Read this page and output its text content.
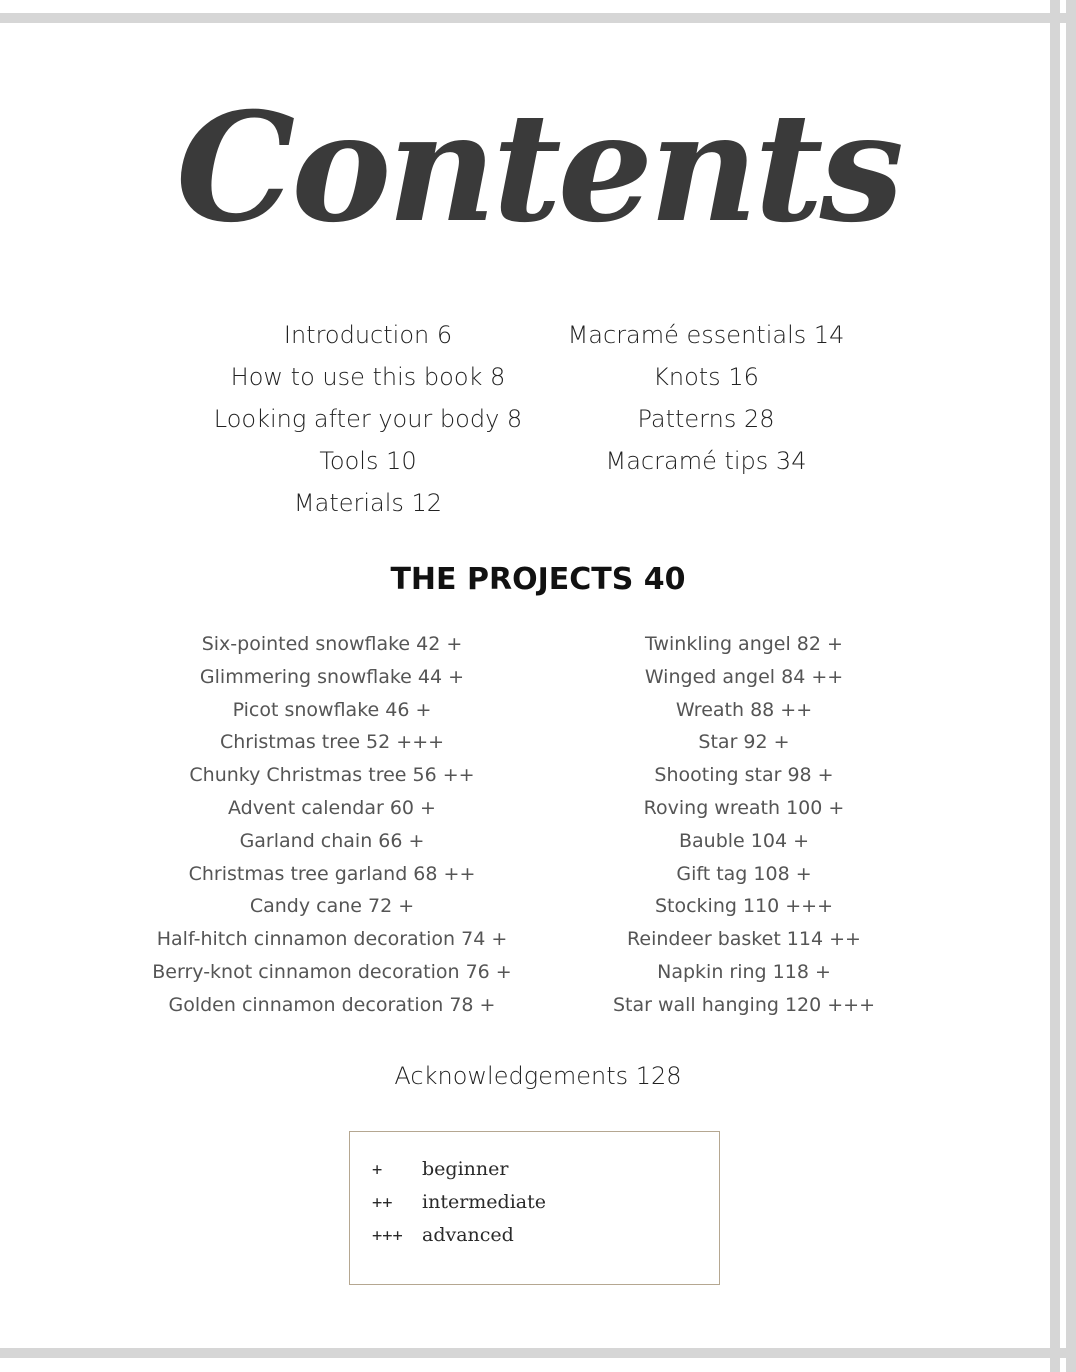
Contents
Introduction 6
How to use this book 8
Looking after your body 8
Tools 10
Materials 12
Macramé essentials 14
Knots 16
Patterns 28
Macramé tips 34
THE PROJECTS 40
Six-pointed snowflake 42 +
Glimmering snowflake 44 +
Picot snowflake 46 +
Christmas tree 52 +++
Chunky Christmas tree 56 ++
Advent calendar 60 +
Garland chain 66 +
Christmas tree garland 68 ++
Candy cane 72 +
Half-hitch cinnamon decoration 74 +
Berry-knot cinnamon decoration 76 +
Golden cinnamon decoration 78 +
Twinkling angel 82 +
Winged angel 84 ++
Wreath 88 ++
Star 92 +
Shooting star 98 +
Roving wreath 100 +
Bauble 104 +
Gift tag 108 +
Stocking 110 +++
Reindeer basket 114 ++
Napkin ring 118 +
Star wall hanging 120 +++
Acknowledgements 128
+ beginner
++ intermediate
+++ advanced
